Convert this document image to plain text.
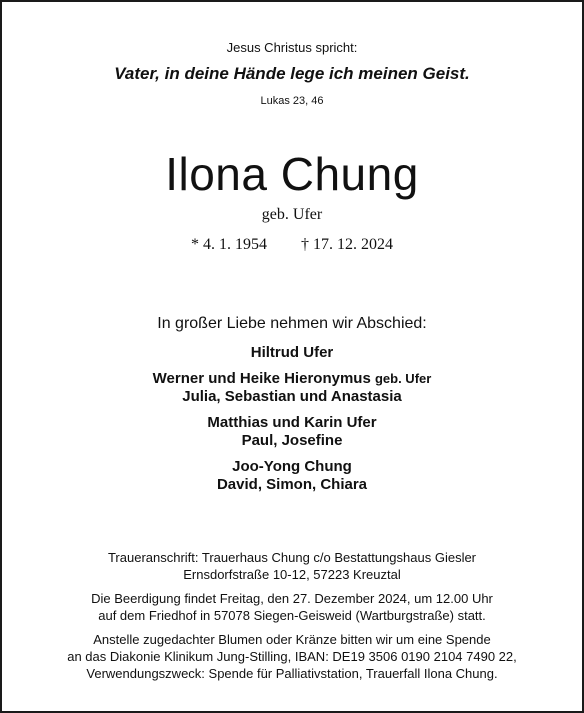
Jesus Christus spricht:
Vater, in deine Hände lege ich meinen Geist.
Lukas 23, 46
Ilona Chung
geb. Ufer
* 4. 1. 1954 † 17. 12. 2024
In großer Liebe nehmen wir Abschied:
Hiltrud Ufer
Werner und Heike Hieronymus geb. Ufer
Julia, Sebastian und Anastasia
Matthias und Karin Ufer
Paul, Josefine
Joo-Yong Chung
David, Simon, Chiara
Traueranschrift: Trauerhaus Chung c/o Bestattungshaus Giesler
Ernsdorfstraße 10-12, 57223 Kreuztal
Die Beerdigung findet Freitag, den 27. Dezember 2024, um 12.00 Uhr
auf dem Friedhof in 57078 Siegen-Geisweid (Wartburgstraße) statt.
Anstelle zugedachter Blumen oder Kränze bitten wir um eine Spende
an das Diakonie Klinikum Jung-Stilling, IBAN: DE19 3506 0190 2104 7490 22,
Verwendungszweck: Spende für Palliativstation, Trauerfall Ilona Chung.
